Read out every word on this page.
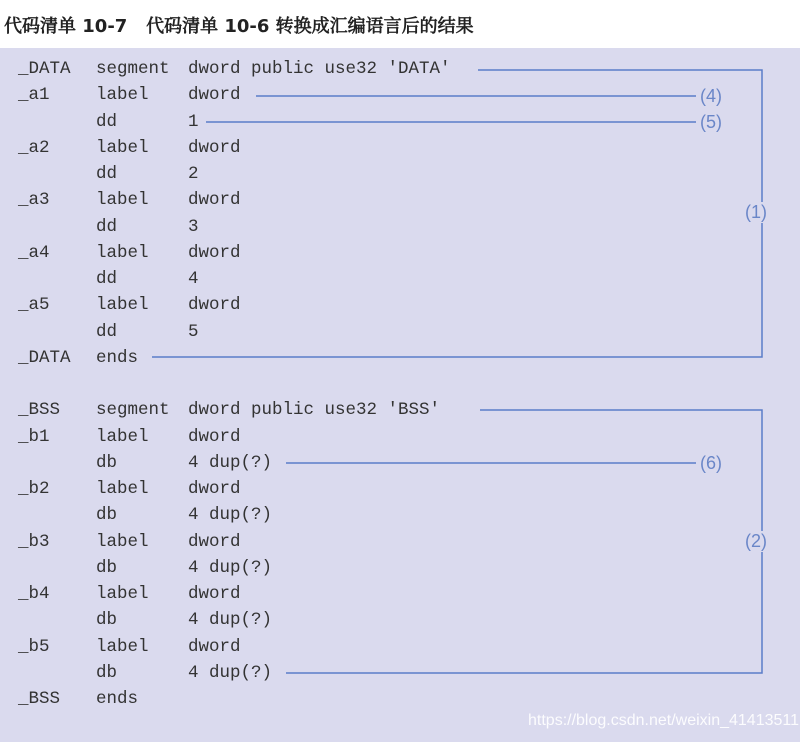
代码清单 10-7   代码清单 10-6 转换成汇编语言后的结果
_DATA segment dword public use32 'DATA'
_a1	label dword
dd	1
_a2	label dword
dd	2
_a3	label dword
dd	3
_a4	label dword
dd	4
_a5	label dword
dd	5
_DATA ends
_BSS segment dword public use32 'BSS'
_b1	label dword
db	4 dup(?)
_b2	label dword
db	4 dup(?)
_b3	label dword
db	4 dup(?)
_b4	label dword
db	4 dup(?)
_b5	label dword
db	4 dup(?)
_BSS ends
(4)
(5)
(1)
(6)
(2)
https://blog.csdn.net/weixin_41413511
